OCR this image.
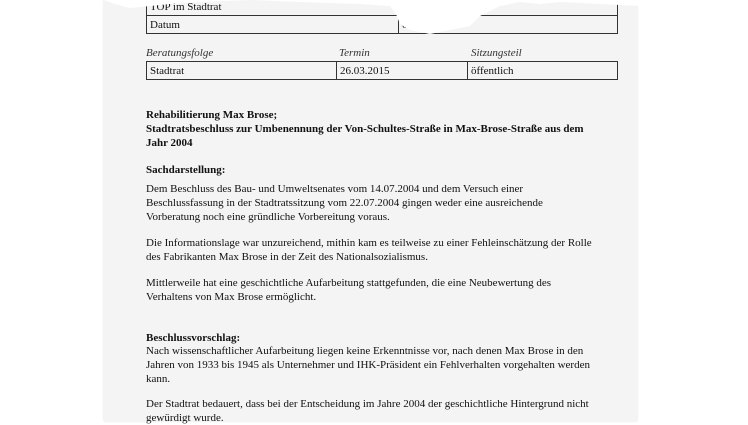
TOP im Stadtrat	
Datum	
Beratungsfolge	Termin	Sitzungsteil
Stadtrat	26.03.2015	öffentlich

Rehabilitierung Max Brose;

Stadtratsbeschluss zur Umbenennung der Von-Schultes-Straße in Max-Brose-Straße aus dem

Jahr 2004

Sachdarstellung:

Dem Beschluss des Bau- und Umweltsenates vom 14.07.2004 und dem Versuch einer

Beschlussfassung in der Stadtratssitzung vom 22.07.2004 gingen weder eine ausreichende

Vorberatung noch eine gründliche Vorbereitung voraus.

Die Informationslage war unzureichend, mithin kam es teilweise zu einer Fehleinschätzung der Rolle

des Fabrikanten Max Brose in der Zeit des Nationalsozialismus.

Mittlerweile hat eine geschichtliche Aufarbeitung stattgefunden, die eine Neubewertung des

Verhaltens von Max Brose ermöglicht.

Beschlussvorschlag:

Nach wissenschaftlicher Aufarbeitung liegen keine Erkenntnisse vor, nach denen Max Brose in den

Jahren von 1933 bis 1945 als Unternehmer und IHK-Präsident ein Fehlverhalten vorgehalten werden

kann.

Der Stadtrat bedauert, dass bei der Entscheidung im Jahre 2004 der geschichtliche Hintergrund nicht

gewürdigt wurde.
